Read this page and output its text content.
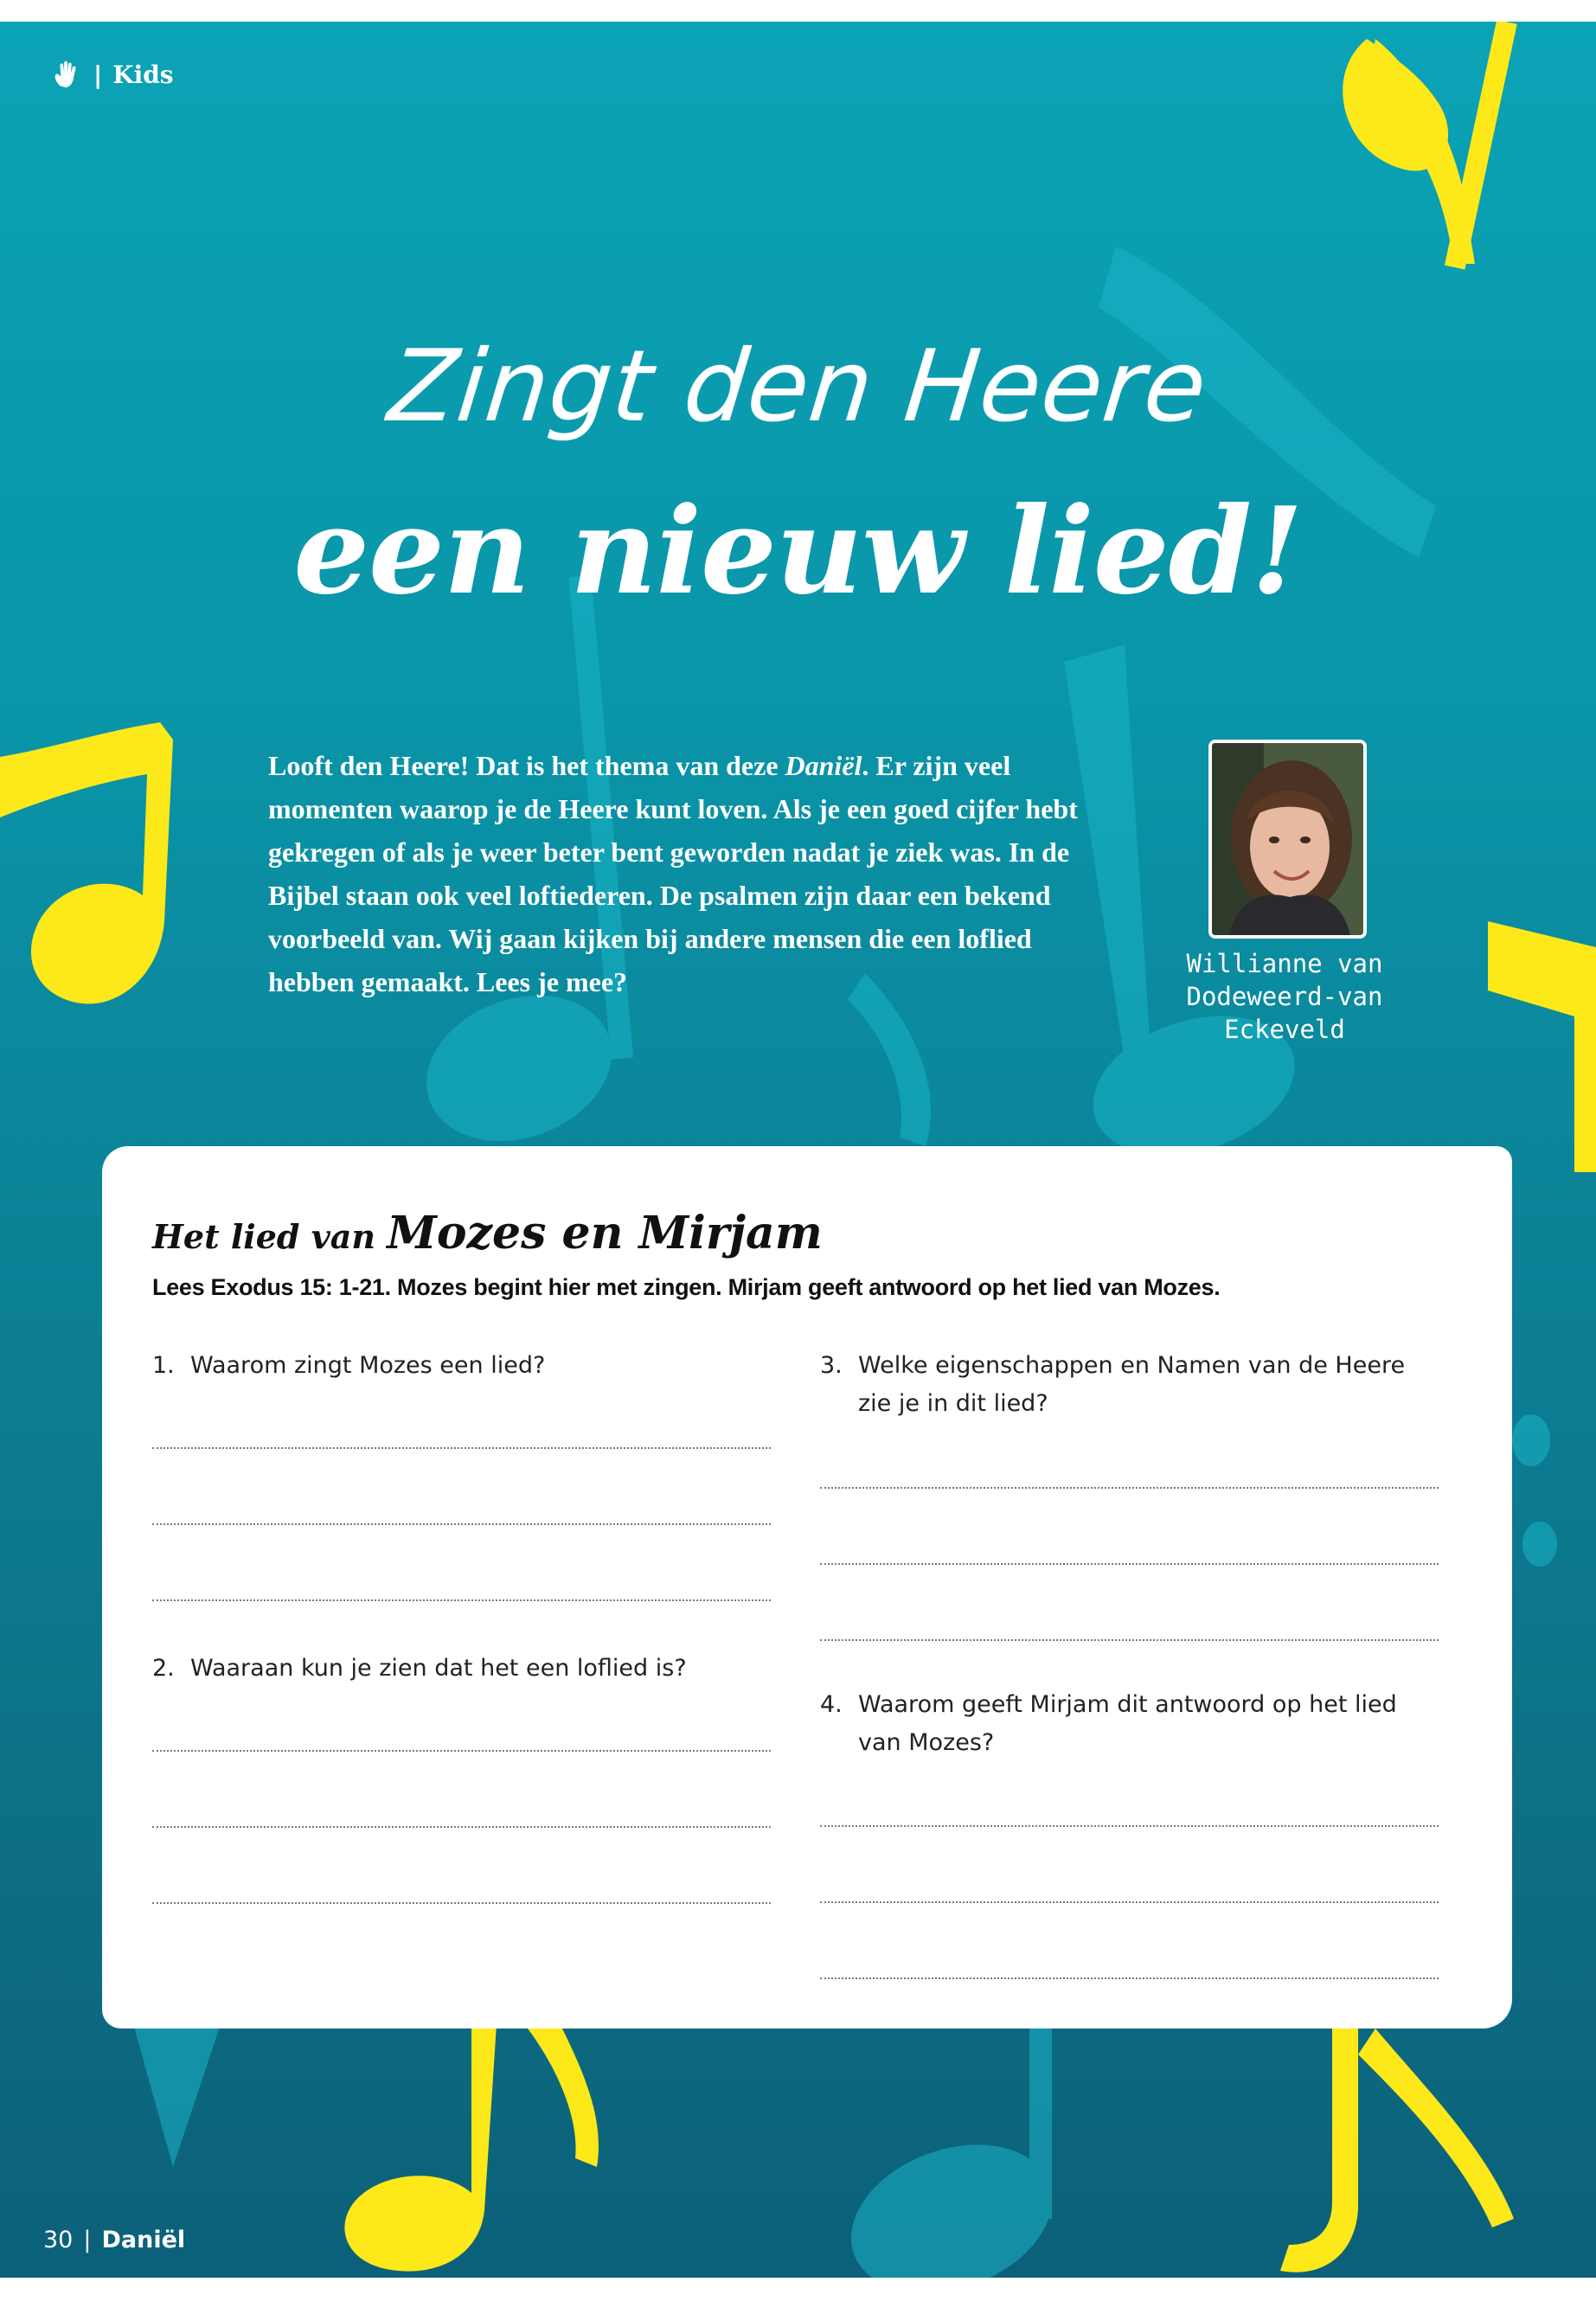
| Kids
Zingt den Heere
een nieuw lied!
Looft den Heere! Dat is het thema van deze Daniël. Er zijn veel momenten waarop je de Heere kunt loven. Als je een goed cijfer hebt gekregen of als je weer beter bent geworden nadat je ziek was. In de Bijbel staan ook veel loftiederen. De psalmen zijn daar een bekend voorbeeld van. Wij gaan kijken bij andere mensen die een loflied hebben gemaakt. Lees je mee?
Willianne van
Dodeweerd-van
Eckeveld
Het lied van Mozes en Mirjam
Lees Exodus 15: 1-21. Mozes begint hier met zingen. Mirjam geeft antwoord op het lied van Mozes.
1. Waarom zingt Mozes een lied?
2. Waaraan kun je zien dat het een loflied is?
3. Welke eigenschappen en Namen van de Heere zie je in dit lied?
4. Waarom geeft Mirjam dit antwoord op het lied van Mozes?
30 | Daniël
